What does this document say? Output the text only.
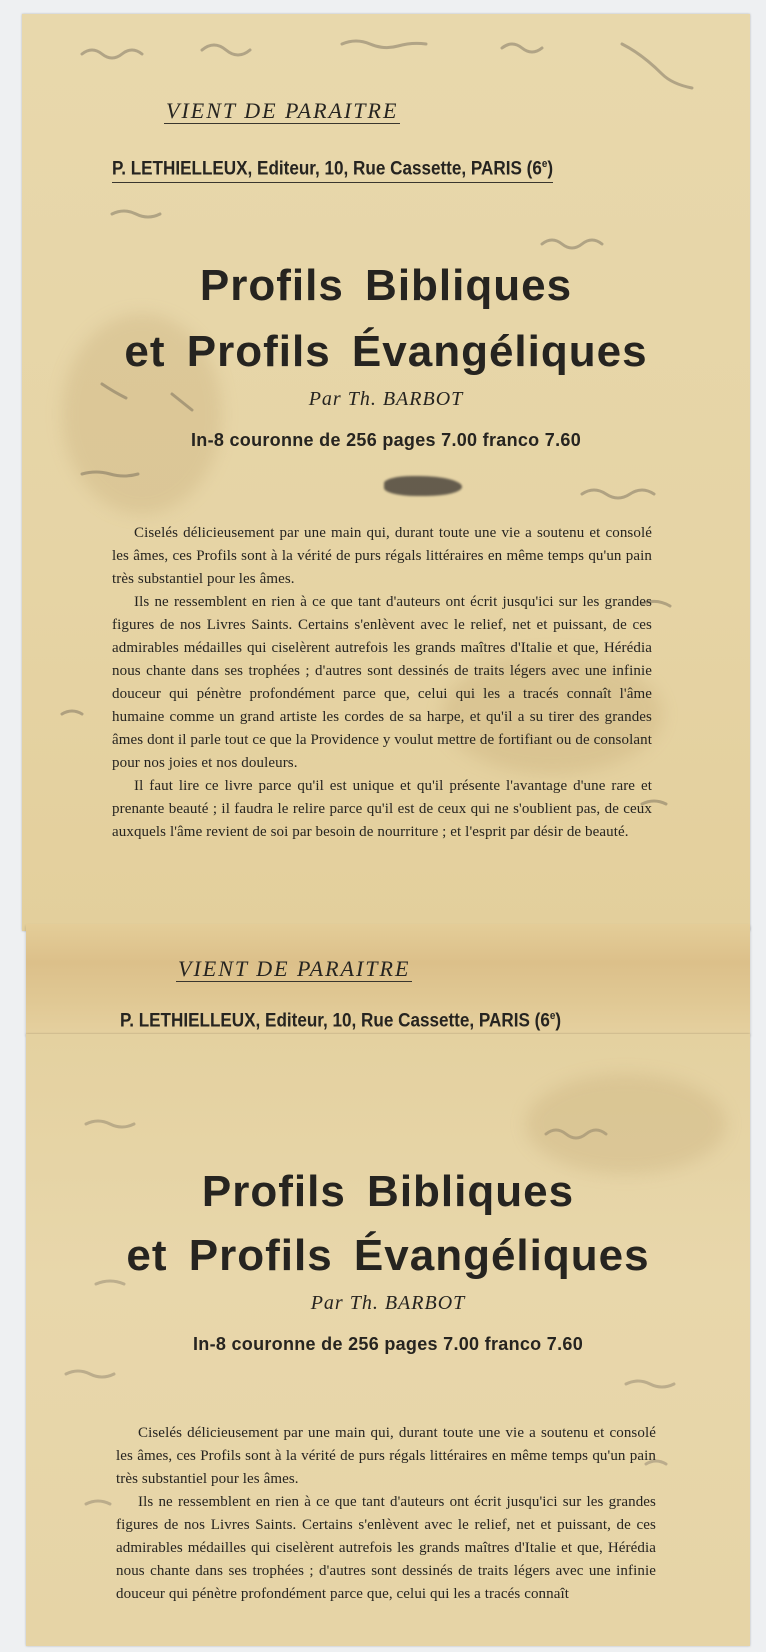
VIENT DE PARAITRE
P. LETHIELLEUX, Editeur, 10, Rue Cassette, PARIS (6e)
Profils Bibliques
et Profils Évangéliques
Par Th. BARBOT
In-8 couronne de 256 pages 7.00 franco 7.60

Ciselés délicieusement par une main qui, durant toute une vie a soutenu et consolé les âmes, ces Profils sont à la vérité de purs régals littéraires en même temps qu'un pain très substantiel pour les âmes.

Ils ne ressemblent en rien à ce que tant d'auteurs ont écrit jusqu'ici sur les grandes figures de nos Livres Saints. Certains s'enlèvent avec le relief, net et puissant, de ces admirables médailles qui ciselèrent autrefois les grands maîtres d'Italie et que, Hérédia nous chante dans ses trophées ; d'autres sont dessinés de traits légers avec une infinie douceur qui pénètre profondément parce que, celui qui les a tracés connaît l'âme humaine comme un grand artiste les cordes de sa harpe, et qu'il a su tirer des grandes âmes dont il parle tout ce que la Providence y voulut mettre de fortifiant ou de consolant pour nos joies et nos douleurs.

Il faut lire ce livre parce qu'il est unique et qu'il présente l'avantage d'une rare et prenante beauté ; il faudra le relire parce qu'il est de ceux qui ne s'oublient pas, de ceux auxquels l'âme revient de soi par besoin de nourriture ; et l'esprit par désir de beauté.

VIENT DE PARAITRE
P. LETHIELLEUX, Editeur, 10, Rue Cassette, PARIS (6e)
Profils Bibliques
et Profils Évangéliques
Par Th. BARBOT
In-8 couronne de 256 pages 7.00 franco 7.60

Ciselés délicieusement par une main qui, durant toute une vie a soutenu et consolé les âmes, ces Profils sont à la vérité de purs régals littéraires en même temps qu'un pain très substantiel pour les âmes.

Ils ne ressemblent en rien à ce que tant d'auteurs ont écrit jusqu'ici sur les grandes figures de nos Livres Saints. Certains s'enlèvent avec le relief, net et puissant, de ces admirables médailles qui ciselèrent autrefois les grands maîtres d'Italie et que, Hérédia nous chante dans ses trophées ; d'autres sont dessinés de traits légers avec une infinie douceur qui pénètre profondément parce que, celui qui les a tracés connaît
